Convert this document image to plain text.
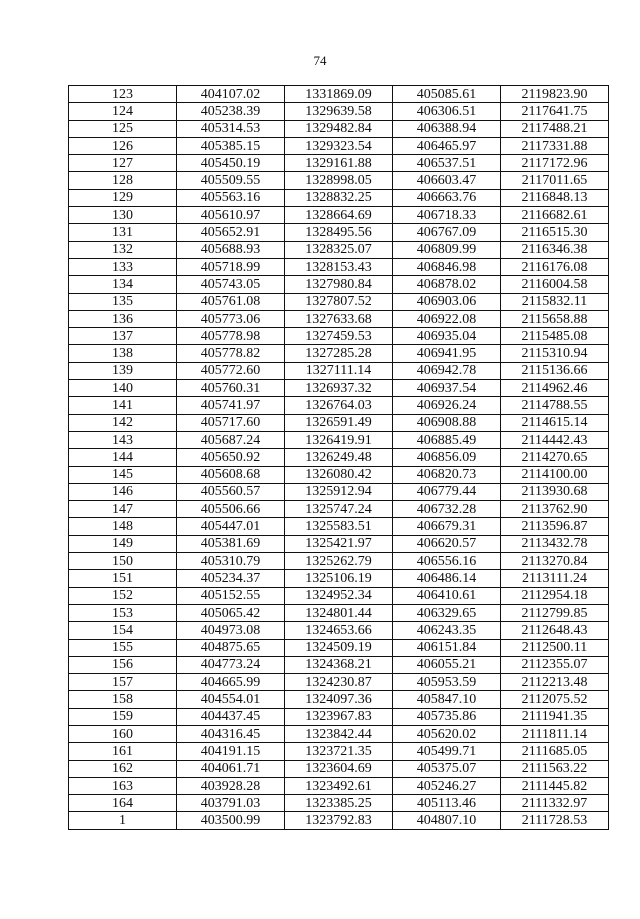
74
123	404107.02	1331869.09	405085.61	2119823.90
124	405238.39	1329639.58	406306.51	2117641.75
125	405314.53	1329482.84	406388.94	2117488.21
126	405385.15	1329323.54	406465.97	2117331.88
127	405450.19	1329161.88	406537.51	2117172.96
128	405509.55	1328998.05	406603.47	2117011.65
129	405563.16	1328832.25	406663.76	2116848.13
130	405610.97	1328664.69	406718.33	2116682.61
131	405652.91	1328495.56	406767.09	2116515.30
132	405688.93	1328325.07	406809.99	2116346.38
133	405718.99	1328153.43	406846.98	2116176.08
134	405743.05	1327980.84	406878.02	2116004.58
135	405761.08	1327807.52	406903.06	2115832.11
136	405773.06	1327633.68	406922.08	2115658.88
137	405778.98	1327459.53	406935.04	2115485.08
138	405778.82	1327285.28	406941.95	2115310.94
139	405772.60	1327111.14	406942.78	2115136.66
140	405760.31	1326937.32	406937.54	2114962.46
141	405741.97	1326764.03	406926.24	2114788.55
142	405717.60	1326591.49	406908.88	2114615.14
143	405687.24	1326419.91	406885.49	2114442.43
144	405650.92	1326249.48	406856.09	2114270.65
145	405608.68	1326080.42	406820.73	2114100.00
146	405560.57	1325912.94	406779.44	2113930.68
147	405506.66	1325747.24	406732.28	2113762.90
148	405447.01	1325583.51	406679.31	2113596.87
149	405381.69	1325421.97	406620.57	2113432.78
150	405310.79	1325262.79	406556.16	2113270.84
151	405234.37	1325106.19	406486.14	2113111.24
152	405152.55	1324952.34	406410.61	2112954.18
153	405065.42	1324801.44	406329.65	2112799.85
154	404973.08	1324653.66	406243.35	2112648.43
155	404875.65	1324509.19	406151.84	2112500.11
156	404773.24	1324368.21	406055.21	2112355.07
157	404665.99	1324230.87	405953.59	2112213.48
158	404554.01	1324097.36	405847.10	2112075.52
159	404437.45	1323967.83	405735.86	2111941.35
160	404316.45	1323842.44	405620.02	2111811.14
161	404191.15	1323721.35	405499.71	2111685.05
162	404061.71	1323604.69	405375.07	2111563.22
163	403928.28	1323492.61	405246.27	2111445.82
164	403791.03	1323385.25	405113.46	2111332.97
1	403500.99	1323792.83	404807.10	2111728.53
